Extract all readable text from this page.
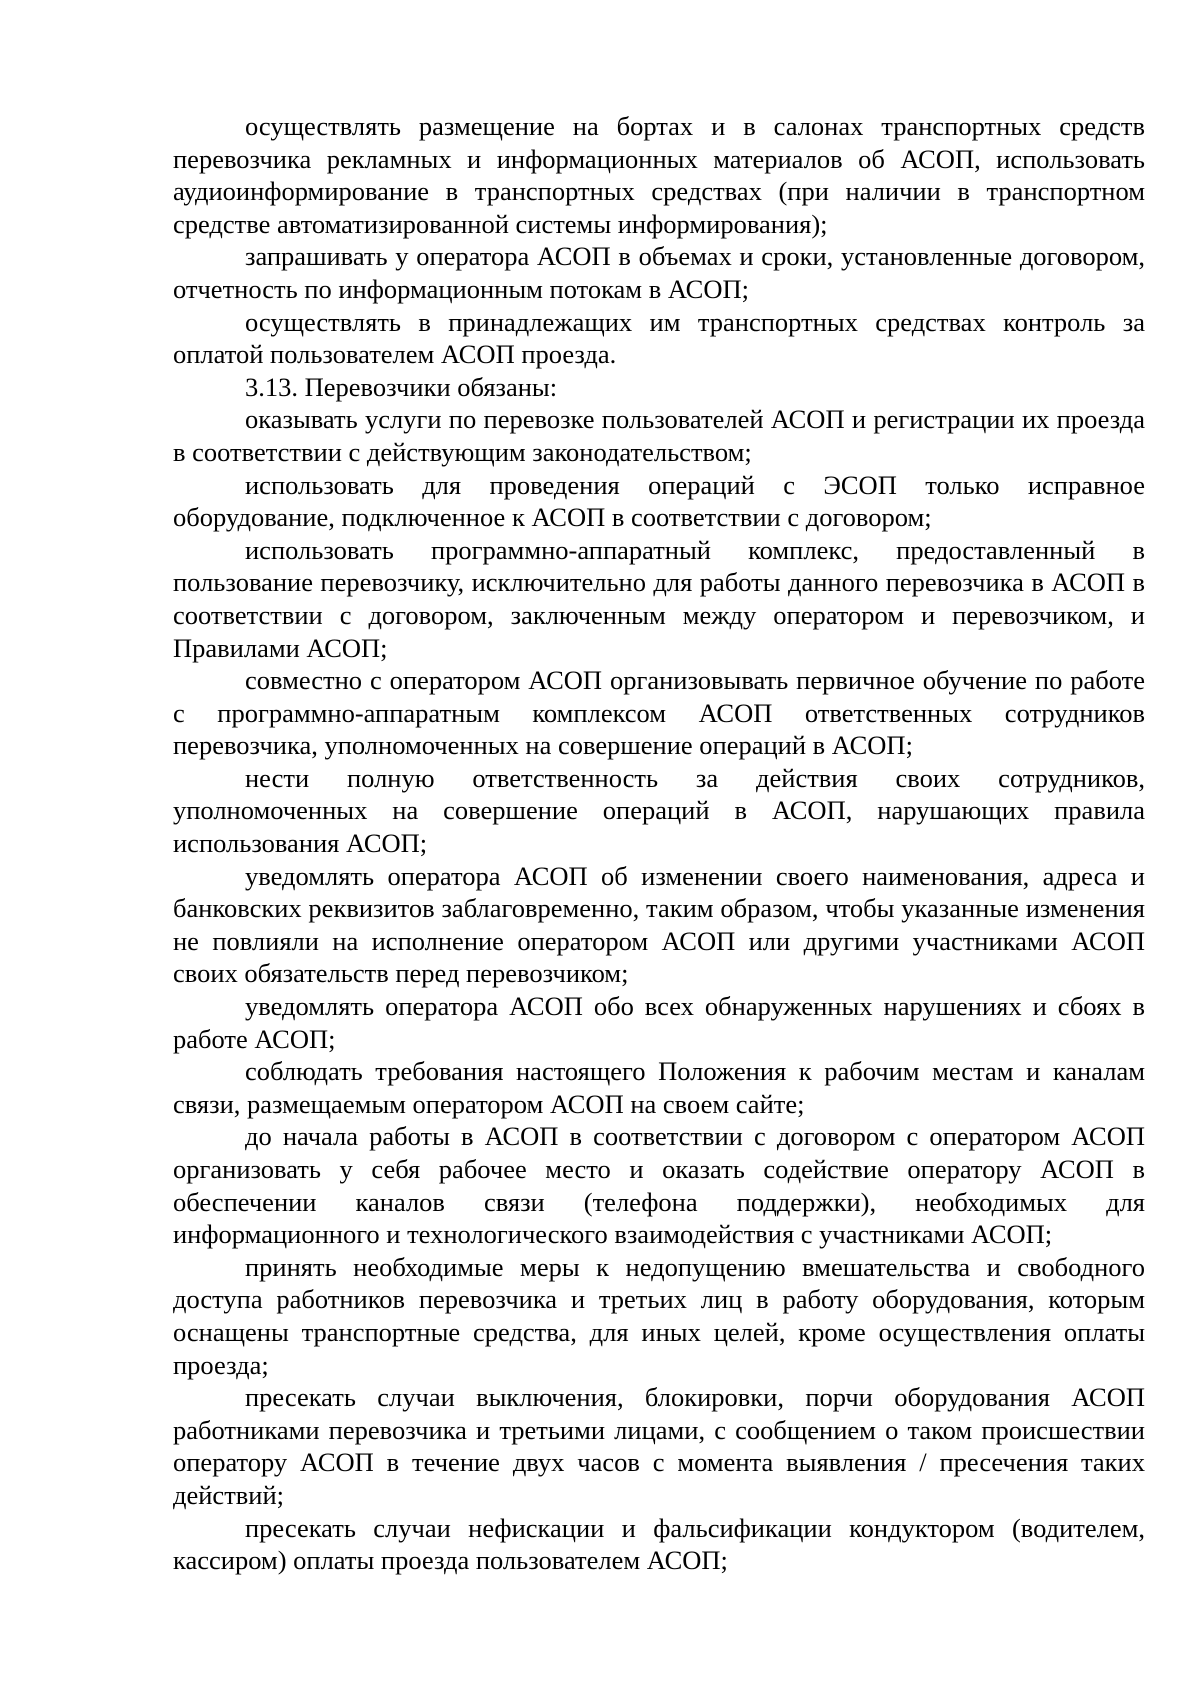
осуществлять размещение на бортах и в салонах транспортных средств перевозчика рекламных и информационных материалов об АСОП, использовать аудиоинформирование в транспортных средствах (при наличии в транспортном средстве автоматизированной системы информирования);

запрашивать у оператора АСОП в объемах и сроки, установленные договором, отчетность по информационным потокам в АСОП;

осуществлять в принадлежащих им транспортных средствах контроль за оплатой пользователем АСОП проезда.

3.13. Перевозчики обязаны:

оказывать услуги по перевозке пользователей АСОП и регистрации их проезда в соответствии с действующим законодательством;

использовать для проведения операций с ЭСОП только исправное оборудование, подключенное к АСОП в соответствии с договором;

использовать программно-аппаратный комплекс, предоставленный в пользование перевозчику, исключительно для работы данного перевозчика в АСОП в соответствии с договором, заключенным между оператором и перевозчиком, и Правилами АСОП;

совместно с оператором АСОП организовывать первичное обучение по работе с программно-аппаратным комплексом АСОП ответственных сотрудников перевозчика, уполномоченных на совершение операций в АСОП;

нести полную ответственность за действия своих сотрудников, уполномоченных на совершение операций в АСОП, нарушающих правила использования АСОП;

уведомлять оператора АСОП об изменении своего наименования, адреса и банковских реквизитов заблаговременно, таким образом, чтобы указанные изменения не повлияли на исполнение оператором АСОП или другими участниками АСОП своих обязательств перед перевозчиком;

уведомлять оператора АСОП обо всех обнаруженных нарушениях и сбоях в работе АСОП;

соблюдать требования настоящего Положения к рабочим местам и каналам связи, размещаемым оператором АСОП на своем сайте;

до начала работы в АСОП в соответствии с договором с оператором АСОП организовать у себя рабочее место и оказать содействие оператору АСОП в обеспечении каналов связи (телефона поддержки), необходимых для информационного и технологического взаимодействия с участниками АСОП;

принять необходимые меры к недопущению вмешательства и свободного доступа работников перевозчика и третьих лиц в работу оборудования, которым оснащены транспортные средства, для иных целей, кроме осуществления оплаты проезда;

пресекать случаи выключения, блокировки, порчи оборудования АСОП работниками перевозчика и третьими лицами, с сообщением о таком происшествии оператору АСОП в течение двух часов с момента выявления / пресечения таких действий;

пресекать случаи нефискации и фальсификации кондуктором (водителем, кассиром) оплаты проезда пользователем АСОП;
